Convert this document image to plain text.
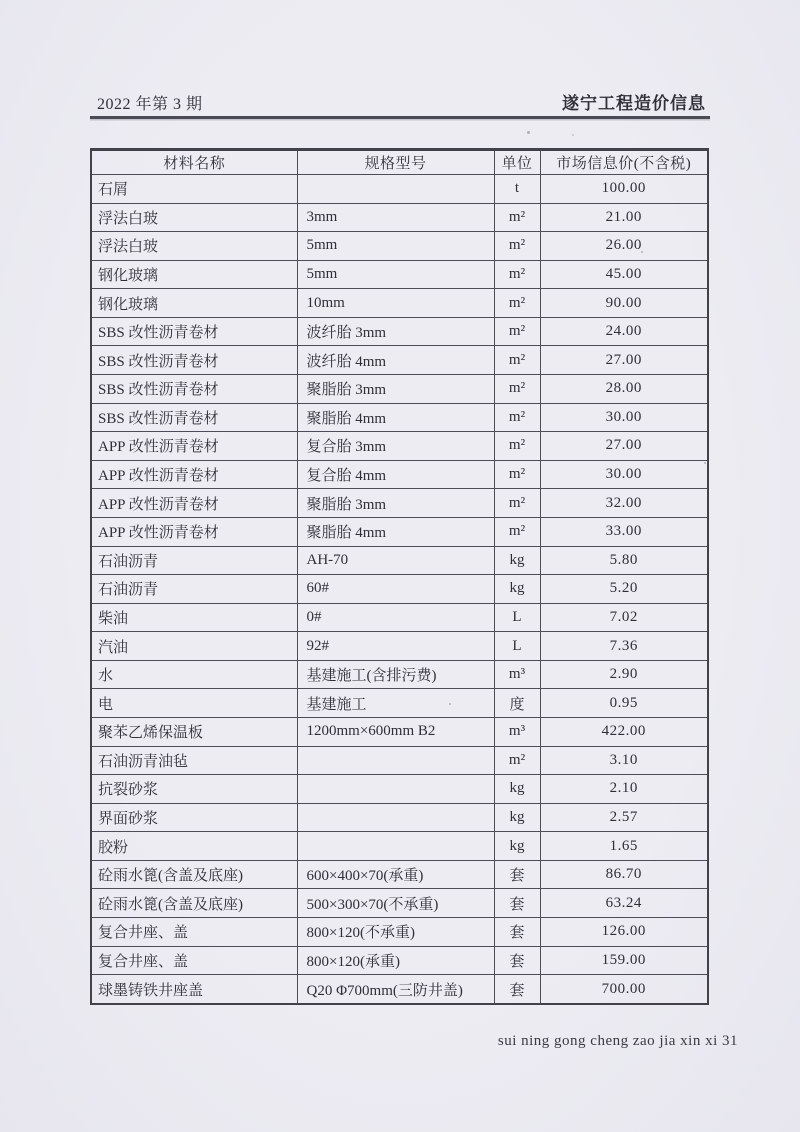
2022 年第 3 期	遂宁工程造价信息
材料名称	规格型号	单位	市场信息价(不含税)
石屑		t	100.00
浮法白玻	3mm	m²	21.00
浮法白玻	5mm	m²	26.00
钢化玻璃	5mm	m²	45.00
钢化玻璃	10mm	m²	90.00
SBS 改性沥青卷材	波纤胎 3mm	m²	24.00
SBS 改性沥青卷材	波纤胎 4mm	m²	27.00
SBS 改性沥青卷材	聚脂胎 3mm	m²	28.00
SBS 改性沥青卷材	聚脂胎 4mm	m²	30.00
APP 改性沥青卷材	复合胎 3mm	m²	27.00
APP 改性沥青卷材	复合胎 4mm	m²	30.00
APP 改性沥青卷材	聚脂胎 3mm	m²	32.00
APP 改性沥青卷材	聚脂胎 4mm	m²	33.00
石油沥青	AH-70	kg	5.80
石油沥青	60#	kg	5.20
柴油	0#	L	7.02
汽油	92#	L	7.36
水	基建施工(含排污费)	m³	2.90
电	基建施工	度	0.95
聚苯乙烯保温板	1200mm×600mm B2	m³	422.00
石油沥青油毡		m²	3.10
抗裂砂浆		kg	2.10
界面砂浆		kg	2.57
胶粉		kg	1.65
砼雨水篦(含盖及底座)	600×400×70(承重)	套	86.70
砼雨水篦(含盖及底座)	500×300×70(不承重)	套	63.24
复合井座、盖	800×120(不承重)	套	126.00
复合井座、盖	800×120(承重)	套	159.00
球墨铸铁井座盖	Q20 Φ700mm(三防井盖)	套	700.00
sui ning gong cheng zao jia xin xi 31
